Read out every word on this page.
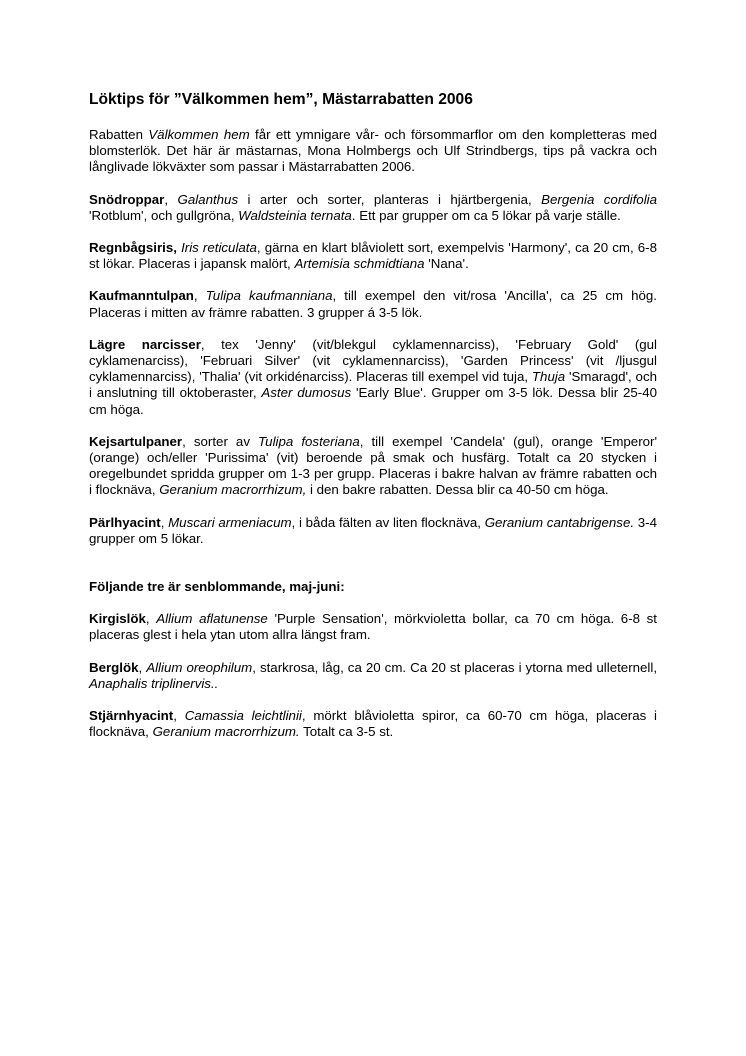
Löktips för ”Välkommen hem”, Mästarrabatten 2006

Rabatten Välkommen hem får ett ymnigare vår- och försommarflor om den kompletteras med blomsterlök. Det här är mästarnas, Mona Holmbergs och Ulf Strindbergs, tips på vackra och långlivade lökväxter som passar i Mästarrabatten 2006.

Snödroppar, Galanthus i arter och sorter, planteras i hjärtbergenia, Bergenia cordifolia 'Rotblum', och gullgröna, Waldsteinia ternata. Ett par grupper om ca 5 lökar på varje ställe.

Regnbågsiris, Iris reticulata, gärna en klart blåviolett sort, exempelvis 'Harmony', ca 20 cm, 6-8 st lökar. Placeras i japansk malört, Artemisia schmidtiana 'Nana'.

Kaufmanntulpan, Tulipa kaufmanniana, till exempel den vit/rosa 'Ancilla', ca 25 cm hög. Placeras i mitten av främre rabatten. 3 grupper á 3-5 lök.

Lägre narcisser, tex 'Jenny' (vit/blekgul cyklamennarciss), 'February Gold' (gul cyklamenarciss), 'Februari Silver' (vit cyklamennarciss), 'Garden Princess' (vit /ljusgul cyklamennarciss), 'Thalia' (vit orkidénarciss). Placeras till exempel vid tuja, Thuja 'Smaragd', och i anslutning till oktoberaster, Aster dumosus 'Early Blue'. Grupper om 3-5 lök. Dessa blir 25-40 cm höga.

Kejsartulpaner, sorter av Tulipa fosteriana, till exempel 'Candela' (gul), orange 'Emperor' (orange) och/eller 'Purissima' (vit) beroende på smak och husfärg. Totalt ca 20 stycken i oregelbundet spridda grupper om 1-3 per grupp. Placeras i bakre halvan av främre rabatten och i flocknäva, Geranium macrorrhizum, i den bakre rabatten. Dessa blir ca 40-50 cm höga.

Pärlhyacint, Muscari armeniacum, i båda fälten av liten flocknäva, Geranium cantabrigense. 3-4 grupper om 5 lökar.

Följande tre är senblommande, maj-juni:

Kirgislök, Allium aflatunense 'Purple Sensation', mörkvioletta bollar, ca 70 cm höga. 6-8 st placeras glest i hela ytan utom allra längst fram.

Berglök, Allium oreophilum, starkrosa, låg, ca 20 cm. Ca 20 st placeras i ytorna med ulleternell, Anaphalis triplinervis..

Stjärnhyacint, Camassia leichtlinii, mörkt blåvioletta spiror, ca 60-70 cm höga, placeras i flocknäva, Geranium macrorrhizum. Totalt ca 3-5 st.
